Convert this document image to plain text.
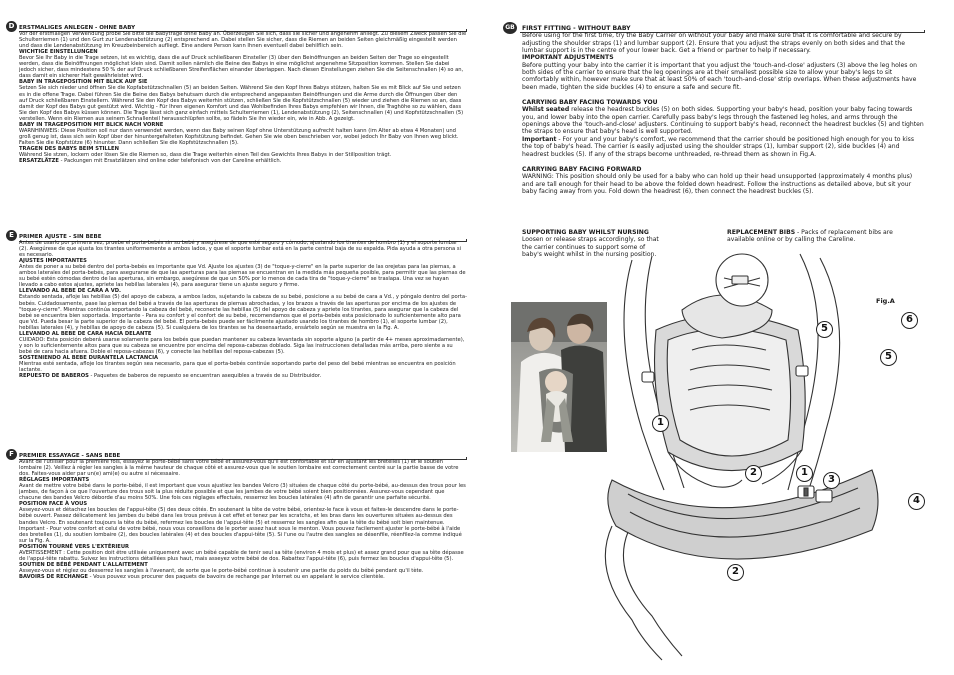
D ERSTMALIGES ANLEGEN - OHNE BABY

Vor der erstmaligen Verwendung probe Sie bitte die Babytrage ohne Baby an. Überzeugen Sie sich, dass sie sicher und angenehm anliegt. Zu diesem Zweck passen Sie die Schulterriemen (1) und den Gurt zur Lendenabstützung (2) entsprechend an. Dabei stellen Sie sicher, dass die Riemen an beiden Seiten gleichmäßig eingestellt werden und dass die Lendenabstützung im Kreuzbeinbereich aufliegt. Eine andere Person kann Ihnen eventuell dabei behilflich sein.

WICHTIGE EINSTELLUNGEN

Bevor Sie Ihr Baby in die Trage setzen, ist es wichtig, dass die auf Druck schließbaren Einsteller (3) über den Beinöffnungen an beiden Seiten der Trage so eingestellt werden, dass die Beinöffnungen möglichst klein sind. Damit sollen nämlich die Beine des Babys in eine möglichst angenehme Sitzposition kommen. Stellen Sie dabei jedoch sicher, dass mindestens 50 % der auf Druck schließbaren Streifenflächen einander überlappen. Nach diesen Einstellungen ziehen Sie die Seitenschnallen (4) so an, dass damit ein sicherer Halt gewährleistet wird.

BABY IN TRAGEPOSITION MIT BLICK AUF SIE

Setzen Sie sich nieder und öffnen Sie die Kopfabstützschnallen (5) an beiden Seiten. Während Sie den Kopf Ihres Babys stützen, halten Sie es mit Blick auf Sie und setzen es in die offene Trage. Dabei führen Sie die Beine des Babys behutsam durch die entsprechend angepassten Beinöffnungen und die Arme durch die Öffnungen über den auf Druck schließbaren Einstellern. Während Sie den Kopf des Babys weiterhin stützen, schließen Sie die Kopfstützschnallen (5) wieder und ziehen die Riemen so an, dass damit der Kopf des Babys gut gestützt wird. Wichtig - Für Ihren eigenen Komfort und das Wohlbefinden Ihres Babys empfehlen wir Ihnen, die Traghöhe so zu wählen, dass Sie den Kopf des Babys küssen können. Die Trage lässt sich ganz einfach mittels Schulterriemen (1), Lendenabstützung (2), Seitenschnallen (4) und Kopfstützschnallen (5) verstellen. Wenn ein Riemen aus seinem Schnallenteil herausschlüpfen sollte, so fädeln Sie ihn wieder ein, wie in Abb. A gezeigt.

BABY IN TRAGEPOSITION MIT BLICK NACH VORNE

WARNHINWEIS: Diese Position soll nur dann verwendet werden, wenn das Baby seinen Kopf ohne Unterstützung aufrecht halten kann (im Alter ab etwa 4 Monaten) und groß genug ist, dass sich sein Kopf über der hinuntergefalteten Kopfstützung befindet. Gehen Sie wie oben beschrieben vor, wobei jedoch Ihr Baby von Ihnen weg blickt. Falten Sie die Kopfstütze (6) hinunter. Dann schließen Sie die Kopfstützschnallen (5).

TRAGEN DES BABYS BEIM STILLEN

Während Sie stzen, lockern oder lösen Sie die Riemen so, dass die Trage weiterhin einen Teil des Gewichts Ihres Babys in der Stillposition trägt.

ERSATZLÄTZE - Packungen mit Ersatzlätzen sind online oder telefonisch von der Careline erhältlich.

E PRIMER AJUSTE - SIN BEBE

Antes de usarlo por primera vez, pruebe el porta-bebés sin su bebé y asegúrese de que esté seguro y cómodo, ajustando los tirantes de hombro (1) y el soporte lumbar (2). Asegúrese de que ajusta los tirantes uniformemente a ambos lados, y que el soporte lumbar está en la parte central baja de su espalda. Pida ayuda a otra persona si es necesario.

AJUSTES IMPORTANTES

Antes de poner a su bebé dentro del porta-bebés es importante que Vd. Ajuste los ajustes (3) de "toque-y-cierre" en la parte superior de las orejetas para las piernas, a ambos laterales del porta-bebés, para asegurarse de que las aperturas para las piernas se encuentran en la medida más pequeña posible, para permitir que las piernas de su bebé estén cómodas dentro de las aperturas, sin embargo, asegúrese de que un 50% por lo menos de cada tira de "toque-y-cierre" se traslapa. Una vez se hayan llevado a cabo estos ajustes, apriete las hebillas laterales (4), para asegurar tiene un ajuste seguro y firme.

LLEVANDO AL BEBE DE CARA A VD.

Estando sentada, afloje las hebillas (5) del apoyo de cabeza, a ambos lados, sujetando la cabeza de su bebé, posicione a su bebé de cara a Vd., y póngalo dentro del porta-bebés. Cuidadosamente, pase las piernas del bebé a través de las aperturas de piernas abrochadas, y los brazos a través de las aperturas por encima de los ajustes de "toque-y-cierre". Mientras continúa soportando la cabeza del bebé, reconecte las hebillas (5) del apoyo de cabeza y apriete los tirantes, para asegurar que la cabeza del bebé se encuentra bien soportada. Importante - Para su confort y el confort de su bebé, recomendamos que el porta-bebés esta posicionado lo suficientemente alto para que Vd. Pueda besar la parte superior de la cabeza del bebé. El porta-bebés puede ser fácilmente ajustado usando los tirantes de hombro (1), el soporte lumbar (2), hebillas laterales (4), y hebillas de apoyo de cabeza (5). Si cualquiera de los tirantes se ha desensartado, ensártelo según se muestra en la Fig. A.

LLEVANDO AL BEBE DE CARA HACIA DELANTE

CUIDADO: Esta posición deberá usarse solamente para los bebés que puedan mantener su cabeza levantada sin soporte alguno (a partir de 4+ meses aproximadamente), y son lo suficientemente altos para que su cabeza se encuentre por encima del reposa-cabezas doblado. Siga las instrucciones detalladas más arriba, pero siente a su bebé de cara hacia afuera. Doble el reposa-cabezas (6), y conecte las hebillas del reposa-cabezas (5).

SOSTENIENDO AL BEBE DURANTELA LACTANCIA

Mientras esté sentada, afloje los tirantes según sea necesario, para que el porta-bebés continúe soportando parte del peso del bebé mientras se encuentra en posición lactante.

REPUESTO DE BABEROS - Paquetes de baberos de repuesto se encuentran asequibles a través de su Distribuidor.

F PREMIER ESSAYAGE - SANS BÉBÉ

Avant de l'utiliser pour la première fois, essayez le porte-bébé sans votre bébé et assurez-vous qu'il est confortable et sûr en ajustant les bretelles (1) et le soutien lombaire (2). Veillez à régler les sangles à la même hauteur de chaque côté et assurez-vous que le soutien lombaire est correctement centré sur la partie basse de votre dos. Faites-vous aider par un(e) ami(e) ou autre si nécessaire.

RÉGLAGES IMPORTANTS

Avant de mettre votre bébé dans le porte-bébé, il est important que vous ajustiez les bandes Velcro (3) situées de chaque côté du porte-bébé, au-dessus des trous pour les jambes, de façon à ce que l'ouverture des trous soit la plus réduite possible et que les jambes de votre bébé soient bien positionnées. Assurez-vous cependant que chacune des bandes Velcro déborde d'au moins 50%. Une fois ces réglages effectués, resserrez les boucles latérales (4) afin de garantir une parfaite sécurité.

POSITION FACE À VOUS

Asseyez-vous et détachez les boucles de l'appui-tête (5) des deux côtés. En soutenant la tête de votre bébé, orientez-le face à vous et faites-le descendre dans le porte-bébé ouvert. Passez délicatement les jambes du bébé dans les trous prévus à cet effet et tenez par les scratchs, et les bras dans les ouvertures situées au-dessus des bandes Velcro. En soutenant toujours la tête du bébé, refermez les boucles de l'appui-tête (5) et resserrez les sangles afin que la tête du bébé soit bien maintenue. Important - Pour votre confort et celui de votre bébé, nous vous conseillons de le porter assez haut sous le menton. Vous pouvez facilement ajuster le porte-bébé à l'aide des bretelles (1), du soutien lombaire (2), des boucles latérales (4) et des boucles d'appui-tête (5). Si l'une ou l'autre des sangles se désenfile, réenfilez-la comme indiqué sur la Fig. A.

POSITION TOURNÉ VERS L'EXTÉRIEUR

AVERTISSEMENT : Cette position doit être utilisée uniquement avec un bébé capable de tenir seul sa tête (environ 4 mois et plus) et assez grand pour que sa tête dépasse de l'appui-tête rabattu. Suivez les instructions détaillées plus haut, mais asseyez votre bébé de dos. Rabattez l'appui-tête (6), puis fermez les boucles d'appui-tête (5).

SOUTIEN DE BÉBÉ PENDANT L'ALLAITEMENT

Asseyez-vous et réglez ou desserrez les sangles à l'avenant, de sorte que le porte-bébé continue à soutenir une partie du poids du bébé pendant qu'il tète.

BAVOIRS DE RECHANGE - Vous pouvez vous procurer des paquets de bavoirs de rechange par Internet ou en appelant le service clientèle.

GB	FIRST FITTING - WITHOUT BABY

Before using for the first time, try the Baby Carrier on without your baby and make sure that it is comfortable and secure by adjusting the shoulder straps (1) and lumbar support (2). Ensure that you adjust the straps evenly on both sides and that the lumbar support is in the centre of your lower back. Get a friend or partner to help if necessary.

IMPORTANT ADJUSTMENTS

Before putting your baby into the carrier it is important that you adjust the 'touch-and-close' adjusters (3) above the leg holes on both sides of the carrier to ensure that the leg openings are at their smallest possible size to allow your baby's legs to sit comfortably within, however make sure that at least 50% of each 'touch-and-close' strip overlaps. When these adjustments have been made, tighten the side buckles (4) to ensure a safe and secure fit.

CARRYING BABY FACING TOWARDS YOU

Whilst seated release the headrest buckles (5) on both sides. Supporting your baby's head, position your baby facing towards you, and lower baby into the open carrier. Carefully pass baby's legs through the fastened leg holes, and arms through the openings above the 'touch-and-close' adjusters. Continuing to support baby's head, reconnect the headrest buckles (5) and tighten the straps to ensure that baby's head is well supported.

Important - For your and your baby's comfort, we recommend that the carrier should be positioned high enough for you to kiss the top of baby's head. The carrier is easily adjusted using the shoulder straps (1), lumbar support (2), side buckles (4) and headrest buckles (5). If any of the straps become unthreaded, re-thread them as shown in Fig.A.

CARRYING BABY FACING FORWARD

WARNING: This position should only be used for a baby who can hold up their head unsupported (approximately 4 months plus) and are tall enough for their head to be above the folded down headrest. Follow the instructions as detailed above, but sit your baby facing away from you. Fold down the headrest (6), then connect the headrest buckles (5).

SUPPORTING BABY WHILST NURSING

Loosen or release straps accordingly, so that the carrier continues to support some of baby's weight whilst in the nursing position.

REPLACEMENT BIBS - Packs of replacement bibs are available online or by calling the Careline.

Fig.A
6
5
5
1
2	1
3
4
2
